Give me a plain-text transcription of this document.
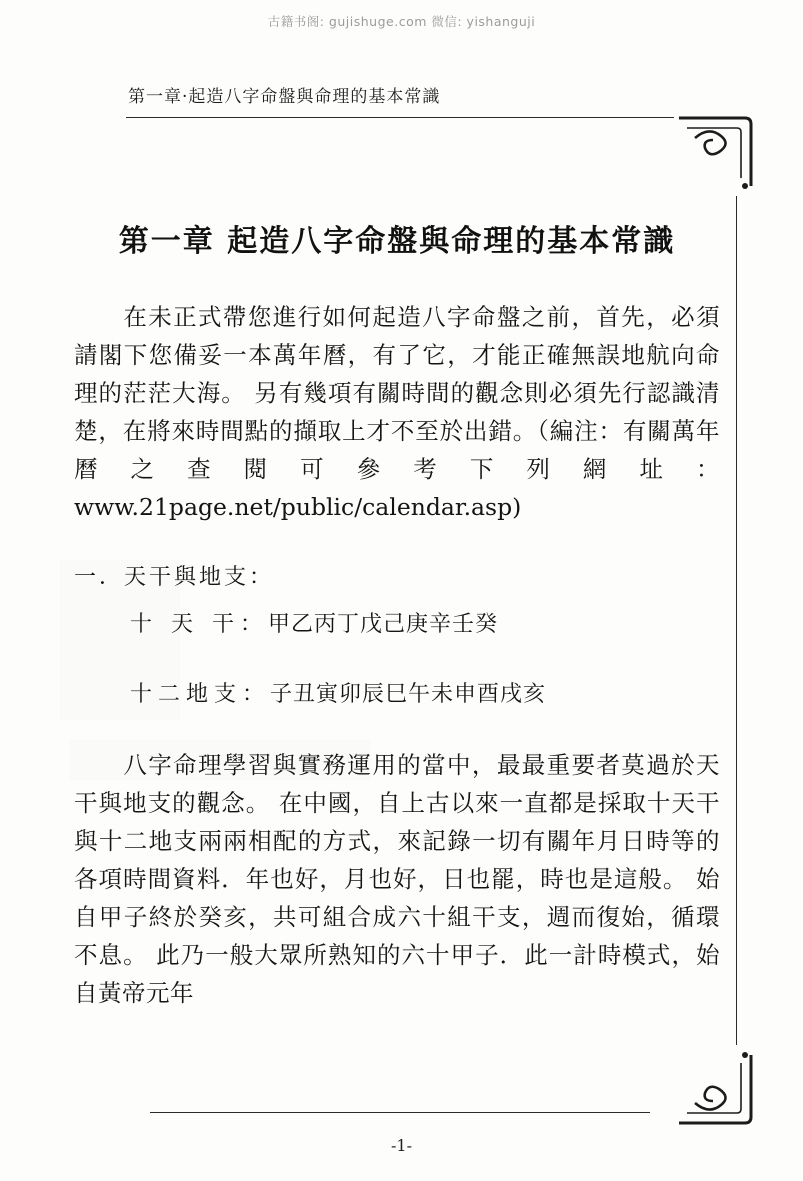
古籍书阁: gujishuge.com 微信: yishanguji
第一章·起造八字命盤與命理的基本常識
第一章 起造八字命盤與命理的基本常識

在未正式帶您進行如何起造八字命盤之前，首先，必須請閣下您備妥一本萬年曆，有了它，才能正確無誤地航向命理的茫茫大海。 另有幾項有關時間的觀念則必須先行認識清楚，在將來時間點的擷取上才不至於出錯。（編注：有關萬年曆之查閱可參考下列網址： www.21page.net/public/calendar.asp)

一．天干與地支：

十 天 干：甲乙丙丁戊己庚辛壬癸

十二地支：子丑寅卯辰巳午未申酉戌亥

八字命理學習與實務運用的當中，最最重要者莫過於天干與地支的觀念。 在中國，自上古以來一直都是採取十天干與十二地支兩兩相配的方式，來記錄一切有關年月日時等的各項時間資料．年也好，月也好，日也罷，時也是這般。 始自甲子終於癸亥，共可組合成六十組干支，週而復始，循環不息。 此乃一般大眾所熟知的六十甲子．此一計時模式，始自黃帝元年

-1-
